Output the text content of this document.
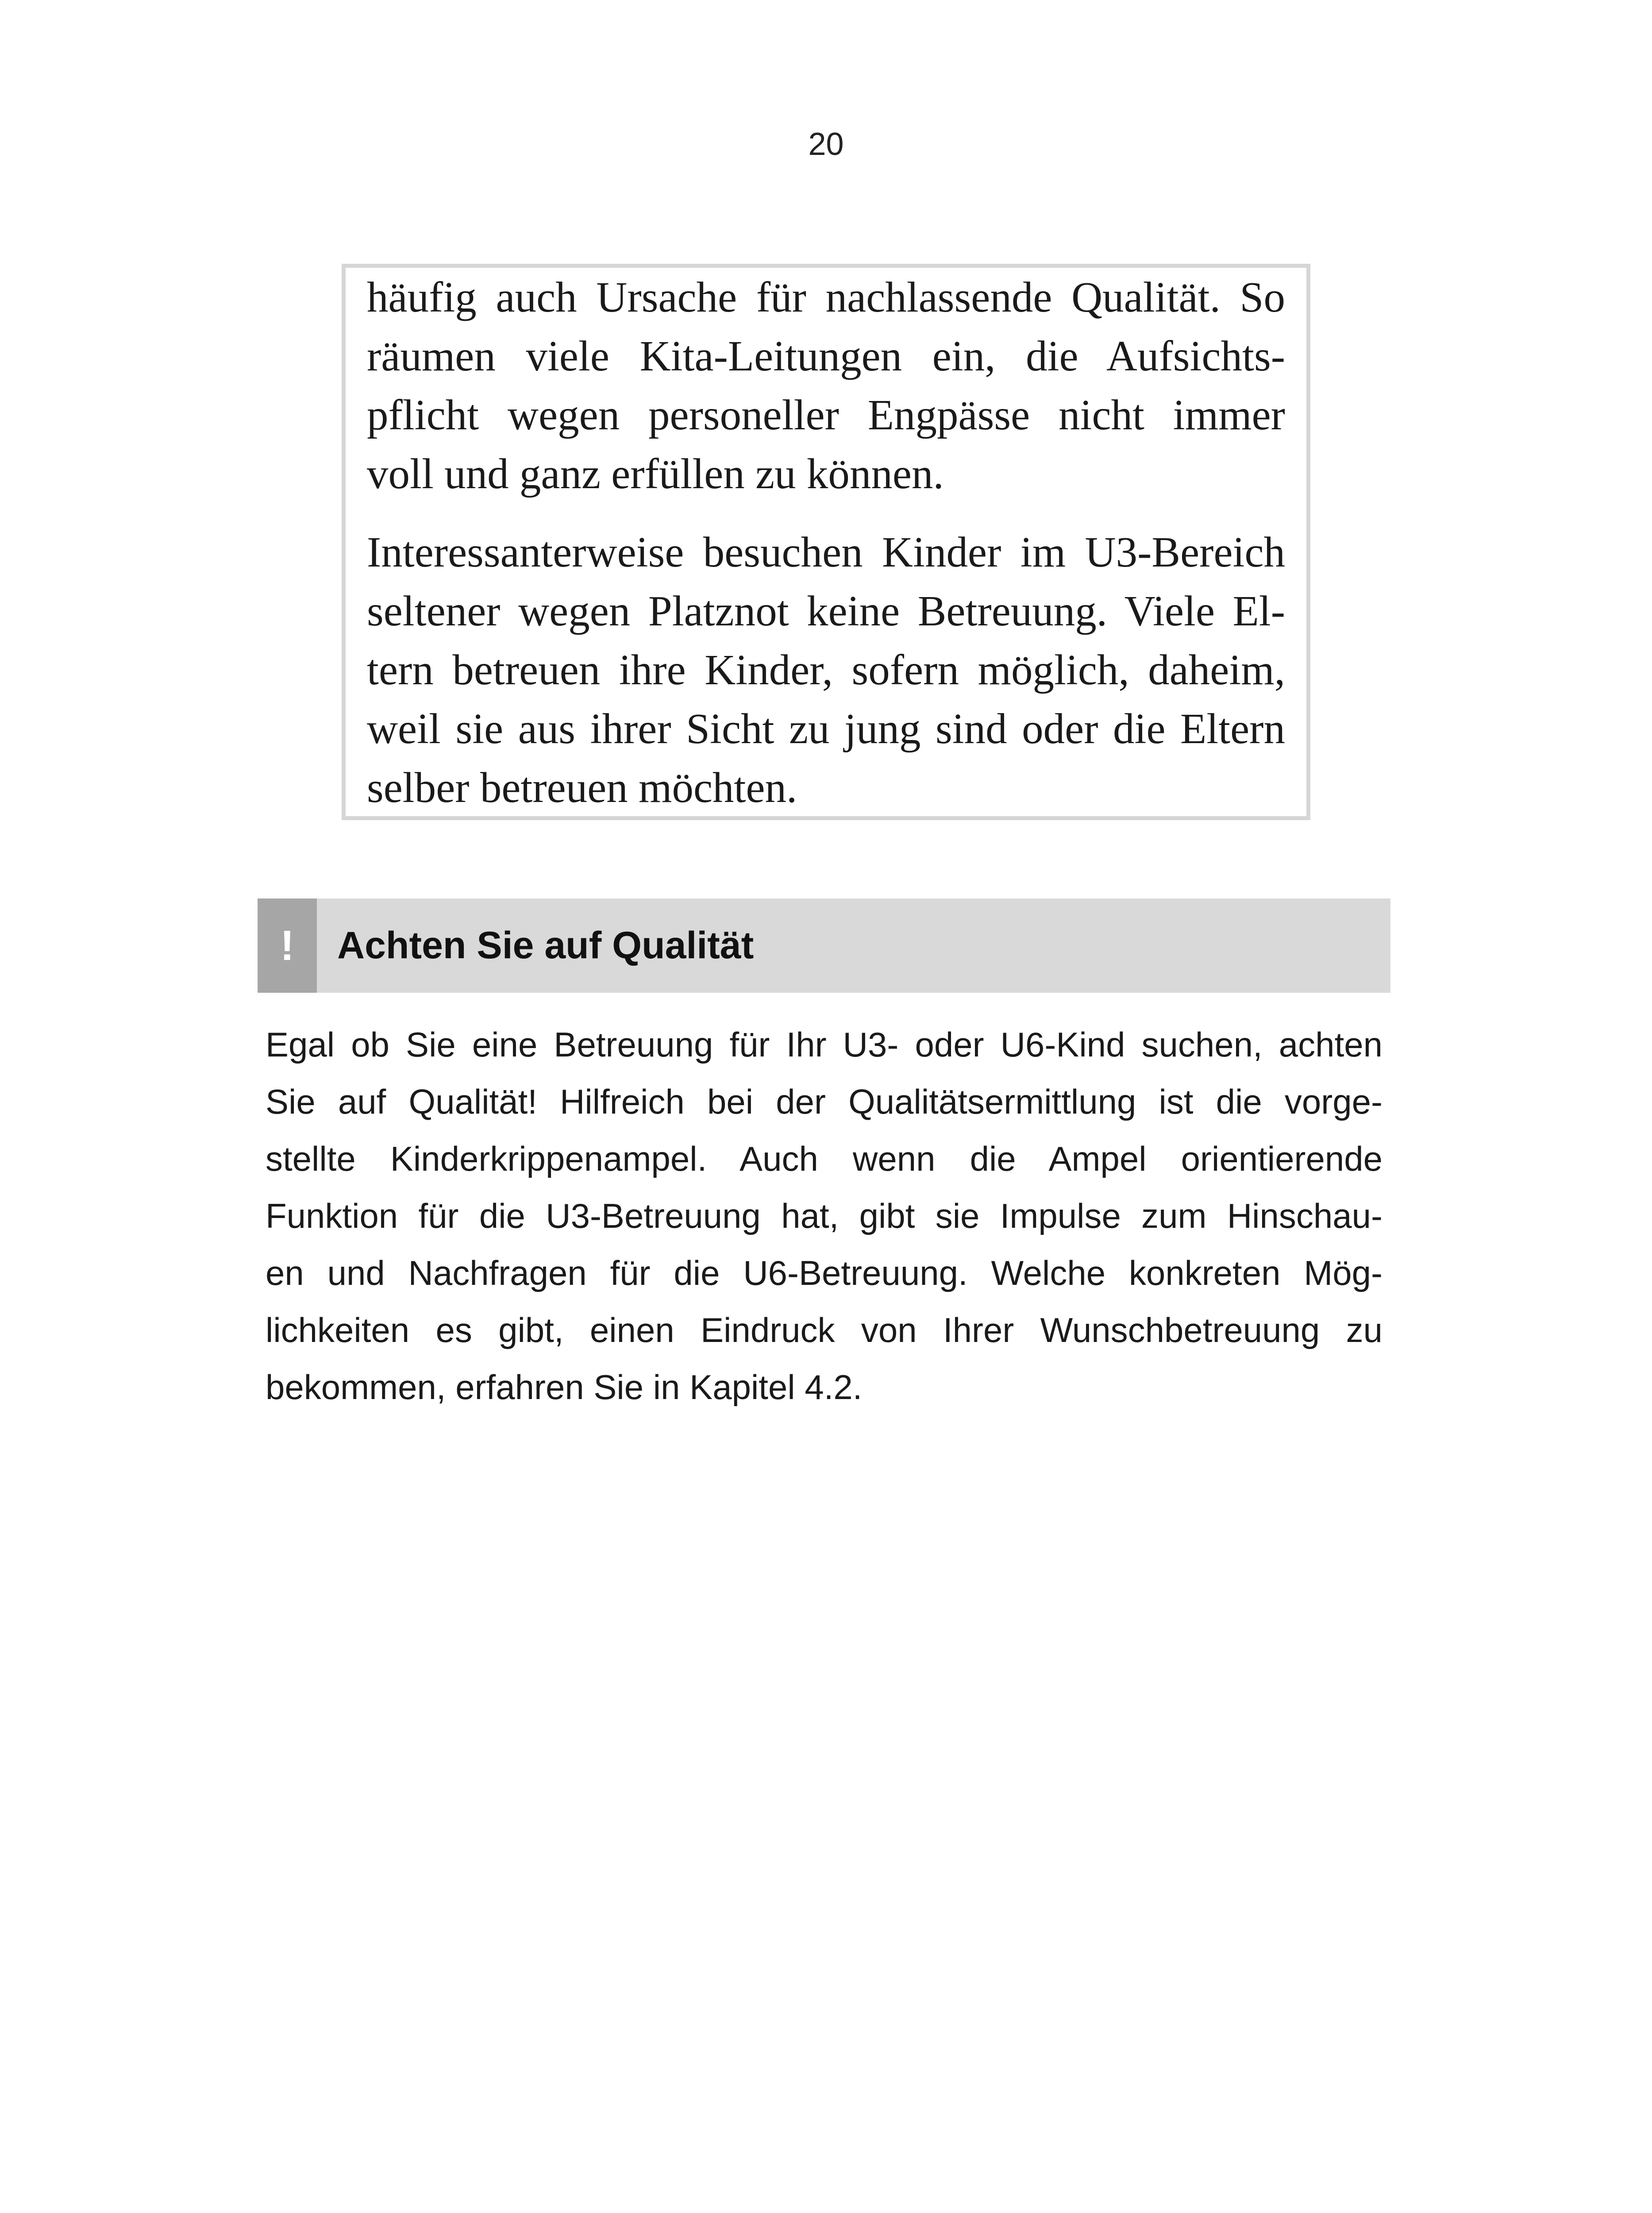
20
häufig auch Ursache für nachlassende Qualität. So
räumen viele Kita-Leitungen ein, die Aufsichts-
pflicht wegen personeller Engpässe nicht immer
voll und ganz erfüllen zu können.
Interessanterweise besuchen Kinder im U3-Bereich
seltener wegen Platznot keine Betreuung. Viele El-
tern betreuen ihre Kinder, sofern möglich, daheim,
weil sie aus ihrer Sicht zu jung sind oder die Eltern
selber betreuen möchten.
!	Achten Sie auf Qualität
Egal ob Sie eine Betreuung für Ihr U3- oder U6-Kind suchen, achten
Sie auf Qualität! Hilfreich bei der Qualitätsermittlung ist die vorge-
stellte Kinderkrippenampel. Auch wenn die Ampel orientierende
Funktion für die U3-Betreuung hat, gibt sie Impulse zum Hinschau-
en und Nachfragen für die U6-Betreuung. Welche konkreten Mög-
lichkeiten es gibt, einen Eindruck von Ihrer Wunschbetreuung zu
bekommen, erfahren Sie in Kapitel 4.2.
